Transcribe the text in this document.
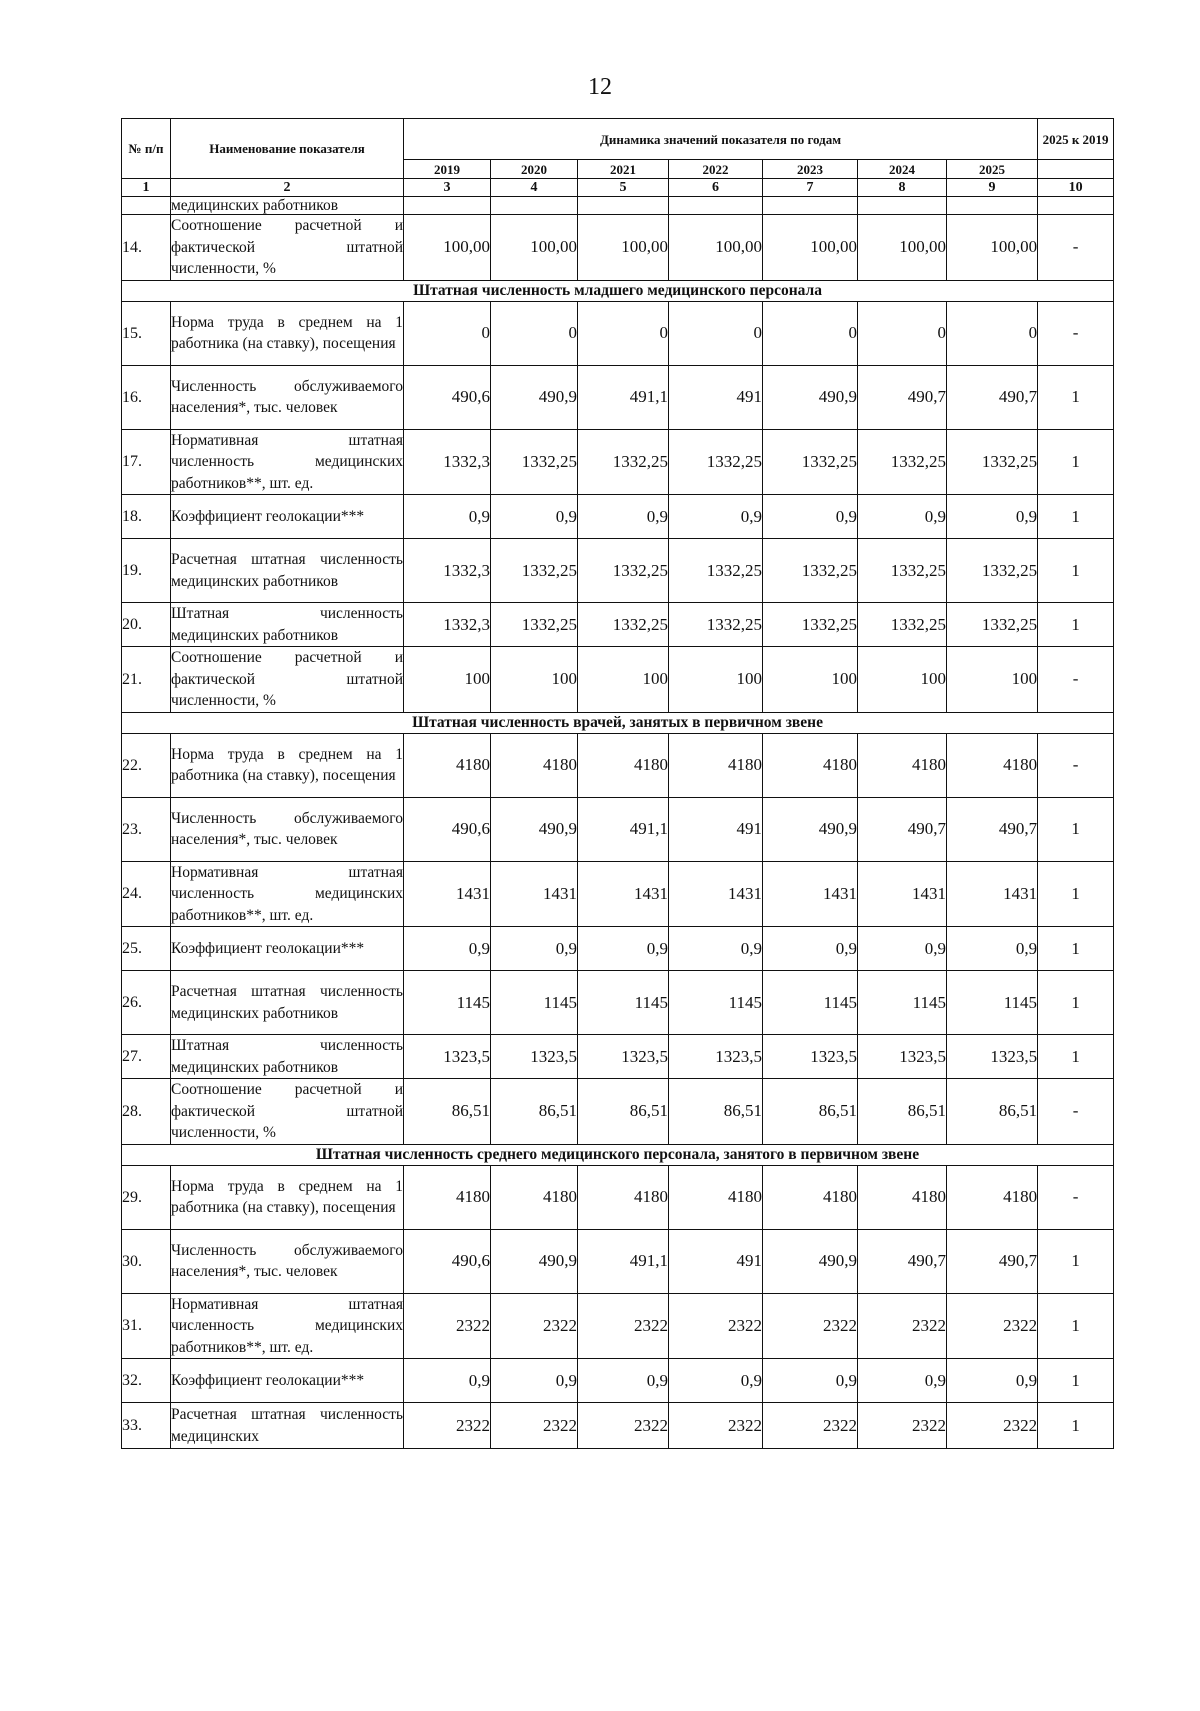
12
№ п/п	Наименование показателя	Динамика значений показателя по годам							2025 к 2019
		2019	2020	2021	2022	2023	2024	2025	
1	2	3	4	5	6	7	8	9	10
	медицинских работников								
14.	Соотношение расчетной и фактической штатной численности, %	100,00	100,00	100,00	100,00	100,00	100,00	100,00	-
Штатная численность младшего медицинского персонала									
15.	Норма труда в среднем на 1 работника (на ставку), посещения	0	0	0	0	0	0	0	-
16.	Численность обслуживаемого населения*, тыс. человек	490,6	490,9	491,1	491	490,9	490,7	490,7	1
17.	Нормативная штатная численность медицинских работников**, шт. ед.	1332,3	1332,25	1332,25	1332,25	1332,25	1332,25	1332,25	1
18.	Коэффициент геолокации***	0,9	0,9	0,9	0,9	0,9	0,9	0,9	1
19.	Расчетная штатная численность медицинских работников	1332,3	1332,25	1332,25	1332,25	1332,25	1332,25	1332,25	1
20.	Штатная численность медицинских работников	1332,3	1332,25	1332,25	1332,25	1332,25	1332,25	1332,25	1
21.	Соотношение расчетной и фактической штатной численности, %	100	100	100	100	100	100	100	-
Штатная численность врачей, занятых в первичном звене									
22.	Норма труда в среднем на 1 работника (на ставку), посещения	4180	4180	4180	4180	4180	4180	4180	-
23.	Численность обслуживаемого населения*, тыс. человек	490,6	490,9	491,1	491	490,9	490,7	490,7	1
24.	Нормативная штатная численность медицинских работников**, шт. ед.	1431	1431	1431	1431	1431	1431	1431	1
25.	Коэффициент геолокации***	0,9	0,9	0,9	0,9	0,9	0,9	0,9	1
26.	Расчетная штатная численность медицинских работников	1145	1145	1145	1145	1145	1145	1145	1
27.	Штатная численность медицинских работников	1323,5	1323,5	1323,5	1323,5	1323,5	1323,5	1323,5	1
28.	Соотношение расчетной и фактической штатной численности, %	86,51	86,51	86,51	86,51	86,51	86,51	86,51	-
Штатная численность среднего медицинского персонала, занятого в первичном звене									
29.	Норма труда в среднем на 1 работника (на ставку), посещения	4180	4180	4180	4180	4180	4180	4180	-
30.	Численность обслуживаемого населения*, тыс. человек	490,6	490,9	491,1	491	490,9	490,7	490,7	1
31.	Нормативная штатная численность медицинских работников**, шт. ед.	2322	2322	2322	2322	2322	2322	2322	1
32.	Коэффициент геолокации***	0,9	0,9	0,9	0,9	0,9	0,9	0,9	1
33.	Расчетная штатная численность медицинских	2322	2322	2322	2322	2322	2322	2322	1
